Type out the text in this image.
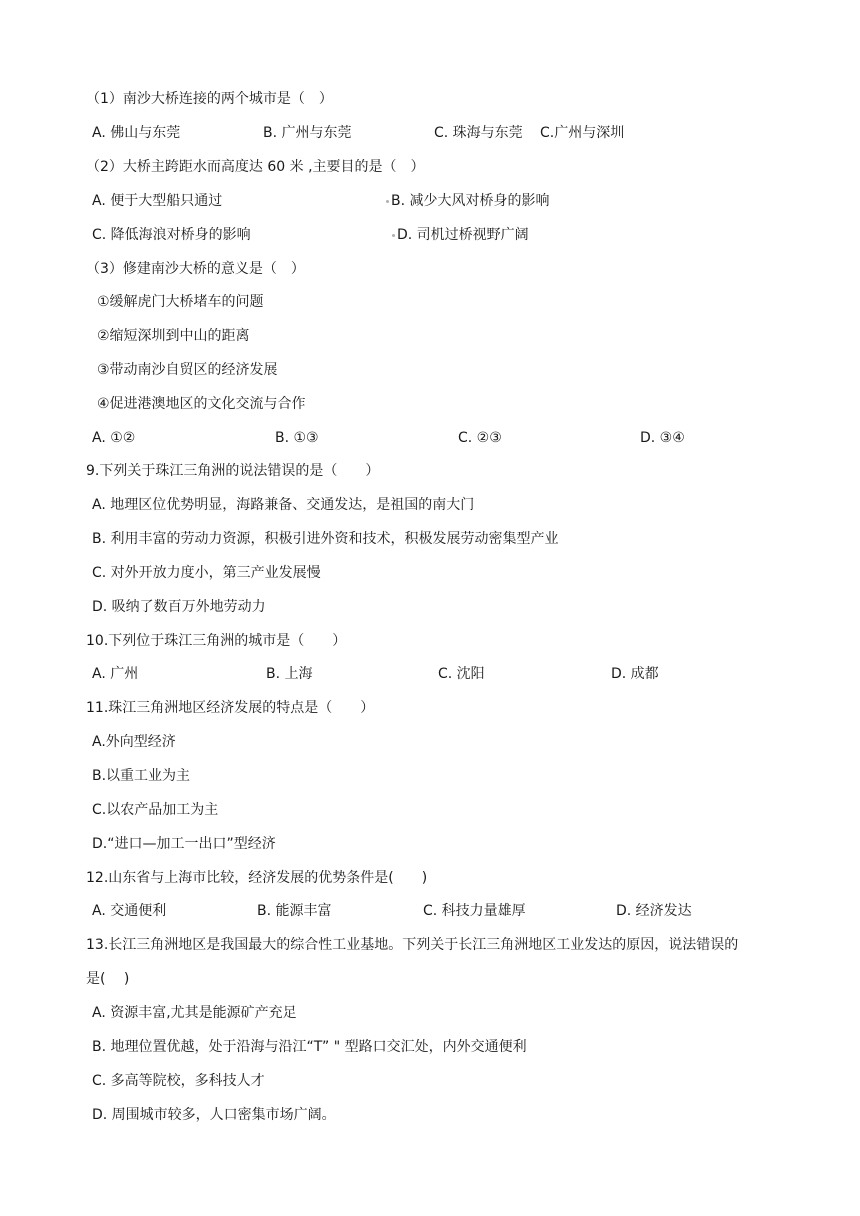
（1）南沙大桥连接的两个城市是（　）
A. 佛山与东莞	B. 广州与东莞	C. 珠海与东莞 C.广州与深圳
（2）大桥主跨距水而高度达 60 米 ,主要目的是（　）
A. 便于大型船只通过	B. 减少大风对桥身的影响
C. 降低海浪对桥身的影响	D. 司机过桥视野广阔
（3）修建南沙大桥的意义是（　）
①缓解虎门大桥堵车的问题
②缩短深圳到中山的距离
③带动南沙自贸区的经济发展
④促进港澳地区的文化交流与合作
A. ①②	B. ①③	C. ②③	D. ③④
9.下列关于珠江三角洲的说法错误的是（　　）
A. 地理区位优势明显，海路兼备、交通发达，是祖国的南大门
B. 利用丰富的劳动力资源，积极引进外资和技术，积极发展劳动密集型产业
C. 对外开放力度小，第三产业发展慢
D. 吸纳了数百万外地劳动力
10.下列位于珠江三角洲的城市是（　　）
A. 广州	B. 上海	C. 沈阳	D. 成都
11.珠江三角洲地区经济发展的特点是（　　）
A.外向型经济
B.以重工业为主
C.以农产品加工为主
D.“进口—加工一出口”型经济
12.山东省与上海市比较，经济发展的优势条件是(　　)
A. 交通便利	B. 能源丰富	C. 科技力量雄厚	D. 经济发达
13.长江三角洲地区是我国最大的综合性工业基地。下列关于长江三角洲地区工业发达的原因，说法错误的
是(　 )
A. 资源丰富,尤其是能源矿产充足
B. 地理位置优越，处于沿海与沿江“T” " 型路口交汇处，内外交通便利
C. 多高等院校，多科技人才
D. 周围城市较多，人口密集市场广阔。
